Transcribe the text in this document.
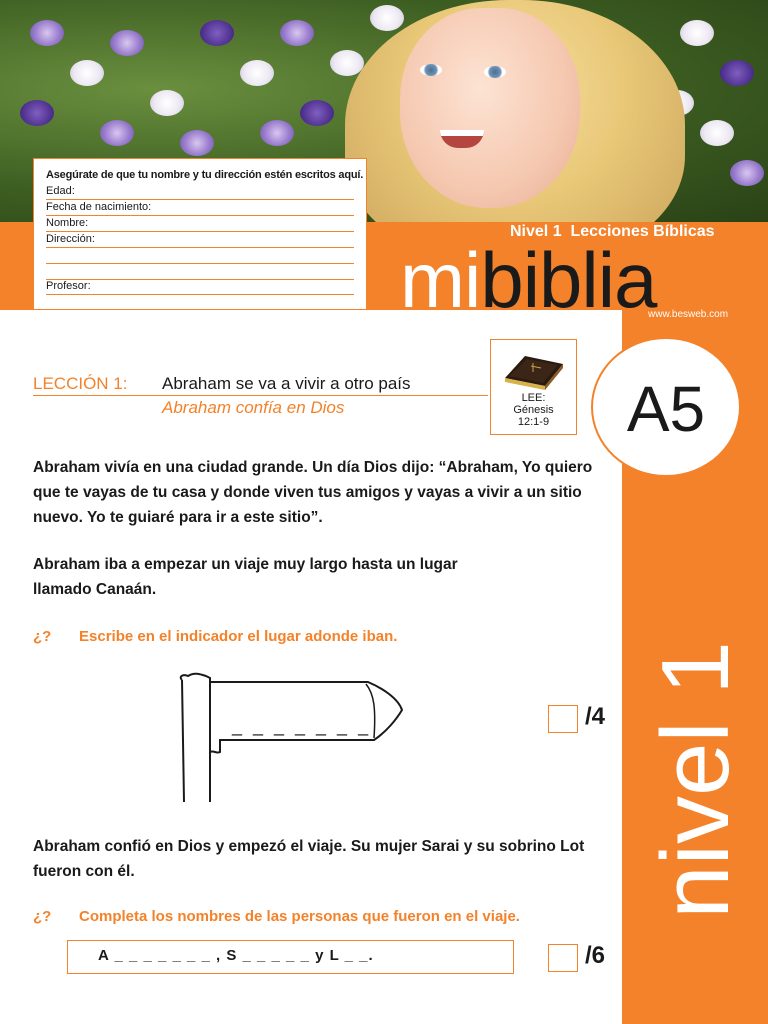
Asegúrate de que tu nombre y tu dirección estén escritos aquí.
Edad:
Fecha de nacimiento:
Nombre:
Dirección:
Profesor:
Nivel 1  Lecciones Bíblicas
mibiblia
www.besweb.com
LECCIÓN 1: Abraham se va a vivir a otro país
Abraham confía en Dios	LEE:
Génesis
12:1-9	A5
Abraham vivía en una ciudad grande. Un día Dios dijo: “Abraham, Yo quiero que te vayas de tu casa y donde viven tus amigos y vayas a vivir a un sitio nuevo. Yo te guiaré para ir a este sitio”.
Abraham iba a empezar un viaje muy largo hasta un lugar llamado Canaán.
¿? Escribe en el indicador el lugar adonde iban.
_ _ _ _ _ _ _	/4
Abraham confió en Dios y empezó el viaje. Su mujer Sarai y su sobrino Lot fueron con él.
¿? Completa los nombres de las personas que fueron en el viaje.
A _ _ _ _ _ _ _ , S _ _ _ _ _ y L _ _.	/6
nivel 1
